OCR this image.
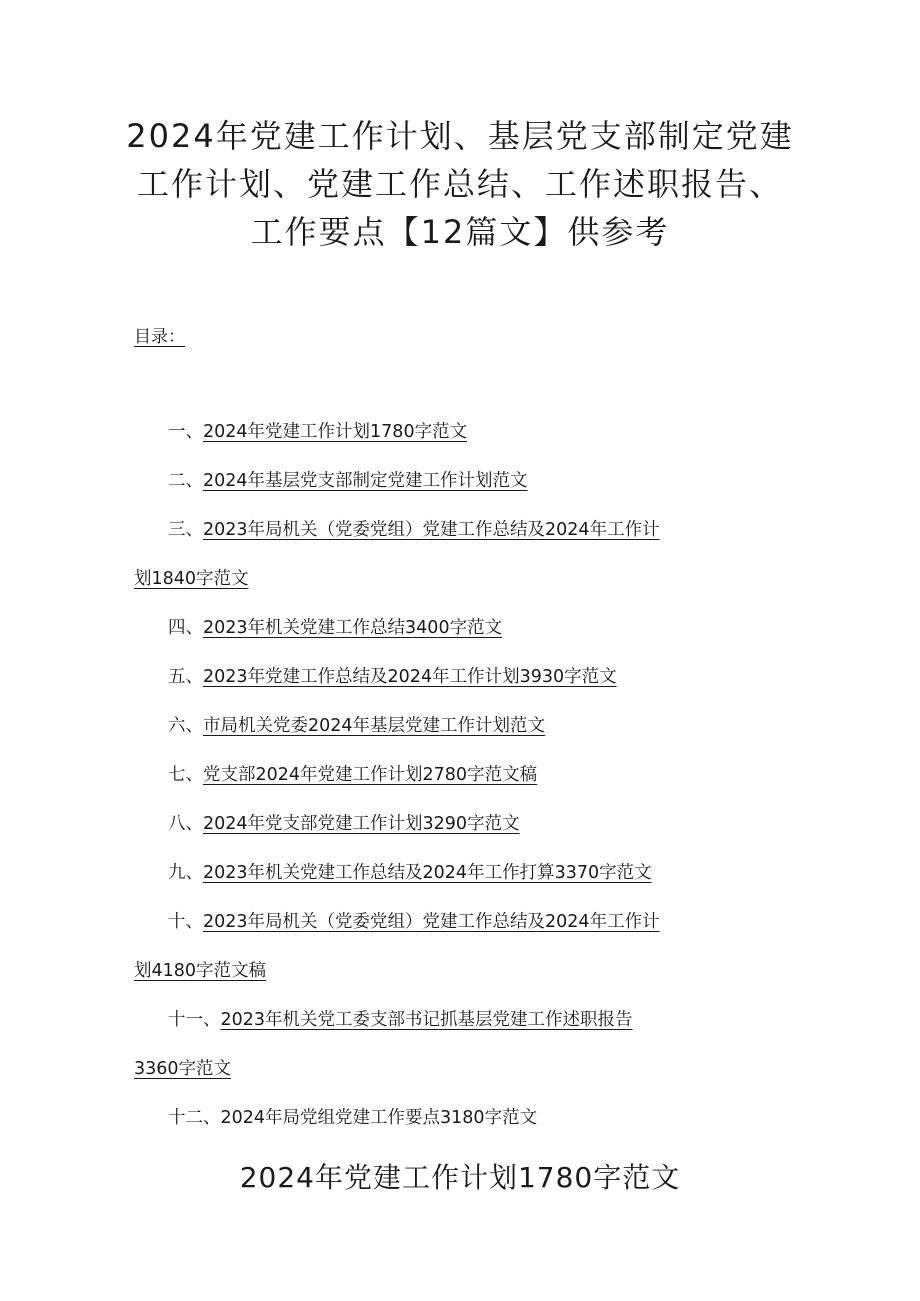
2024年党建工作计划、基层党支部制定党建
工作计划、党建工作总结、工作述职报告、
工作要点【12篇文】供参考
目录：
一、2024年党建工作计划1780字范文
二、2024年基层党支部制定党建工作计划范文
三、2023年局机关（党委党组）党建工作总结及2024年工作计
划1840字范文
四、2023年机关党建工作总结3400字范文
五、2023年党建工作总结及2024年工作计划3930字范文
六、市局机关党委2024年基层党建工作计划范文
七、党支部2024年党建工作计划2780字范文稿
八、2024年党支部党建工作计划3290字范文
九、2023年机关党建工作总结及2024年工作打算3370字范文
十、2023年局机关（党委党组）党建工作总结及2024年工作计
划4180字范文稿
十一、2023年机关党工委支部书记抓基层党建工作述职报告
3360字范文
十二、2024年局党组党建工作要点3180字范文
2024年党建工作计划1780字范文
